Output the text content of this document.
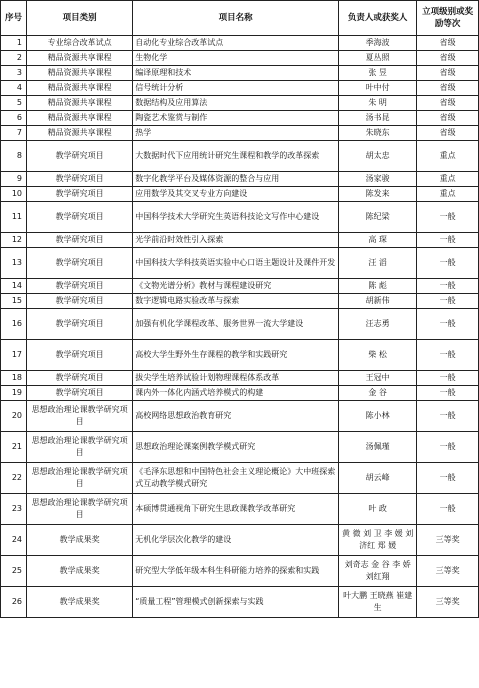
序号	项目类别	项目名称	负责人或获奖人	立项级别或奖励等次
1	专业综合改革试点	自动化专业综合改革试点	季海波	省级
2	精品资源共享课程	生物化学	夏丛照	省级
3	精品资源共享课程	编译原理和技术	张 昱	省级
4	精品资源共享课程	信号统计分析	叶中付	省级
5	精品资源共享课程	数据结构及应用算法	朱 明	省级
6	精品资源共享课程	陶瓷艺术鉴赏与制作	汤书昆	省级
7	精品资源共享课程	热学	朱晓东	省级
8	教学研究项目	大数据时代下应用统计研究生课程和教学的改革探索	胡太忠	重点
9	教学研究项目	数字化教学平台及媒体资源的整合与应用	汤家骏	重点
10	教学研究项目	应用数学及其交叉专业方向建设	陈发来	重点
11	教学研究项目	中国科学技术大学研究生英语科技论文写作中心建设	陈纪梁	一般
12	教学研究项目	光学前沿时效性引入探索	高 琛	一般
13	教学研究项目	中国科技大学科技英语实验中心口语主题设计及课件开发	汪 滔	一般
14	教学研究项目	《文物光谱分析》教材与课程建设研究	陈 彪	一般
15	教学研究项目	数字逻辑电路实验改革与探索	胡新伟	一般
16	教学研究项目	加强有机化学课程改革、服务世界一流大学建设	汪志勇	一般
17	教学研究项目	高校大学生野外生存课程的教学和实践研究	柴 松	一般
18	教学研究项目	拔尖学生培养试验计划物理课程体系改革	王冠中	一般
19	教学研究项目	课内外一体化内涵式培养模式的构建	金 谷	一般
20	思想政治理论课教学研究项目	高校网络思想政治教育研究	陈小林	一般
21	思想政治理论课教学研究项目	思想政治理论课案例教学模式研究	汤佩瑾	一般
22	思想政治理论课教学研究项目	《毛泽东思想和中国特色社会主义理论概论》大中班探索式互动教学模式研究	胡云峰	一般
23	思想政治理论课教学研究项目	本硕博贯通视角下研究生思政课教学改革研究	叶 政	一般
24	教学成果奖	无机化学层次化教学的建设	黄 微 刘 卫 李 媛 刘济红 郑 媛	三等奖
25	教学成果奖	研究型大学低年级本科生科研能力培养的探索和实践	刘奇志 金 谷 李 娇 刘红翔	三等奖
26	教学成果奖	“质量工程”管理模式创新探索与实践	叶大鹏 王晓燕 崔建生	三等奖
